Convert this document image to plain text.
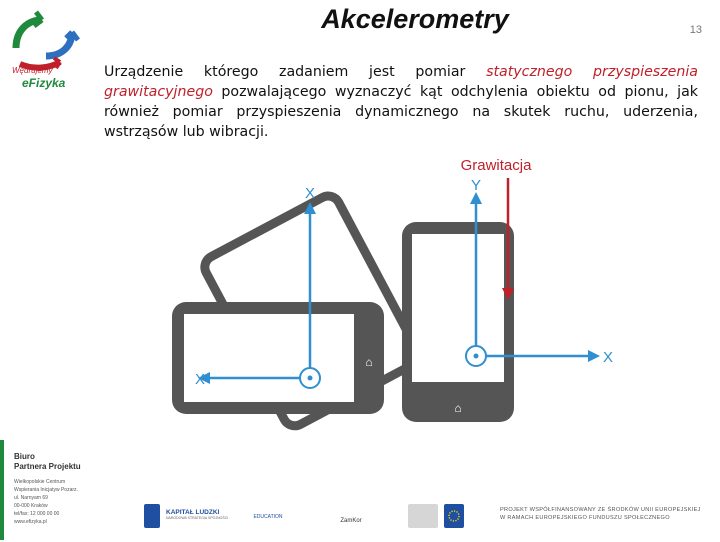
Wędrujemy
eFizyka
Akcelerometry	13
Urządzenie którego zadaniem jest pomiar statycznego przyspieszenia grawitacyjnego pozwalającego wyznaczyć kąt odchylenia obiektu od pionu, jak również pomiar przyspieszenia dynamicznego na skutek ruchu, uderzenia, wstrząsów lub wibracji.
⌂
⌂
Grawitacja
Y
X
X
X
Biuro
Partnera Projektu
Wielkopolskie Centrum
Wspierania Inicjatyw Pozarz.
ul. Narnyam 69
00-000 Kraków
tel/fax: 12 000 00 00
www.efizyka.pl
KAPITAŁ LUDZKI
NARODOWA STRATEGIA SPÓJNOŚCI	EDUCATION
ZamKor
PROJEKT WSPÓŁFINANSOWANY ZE ŚRODKÓW UNII EUROPEJSKIEJ
W RAMACH EUROPEJSKIEGO FUNDUSZU SPOŁECZNEGO
